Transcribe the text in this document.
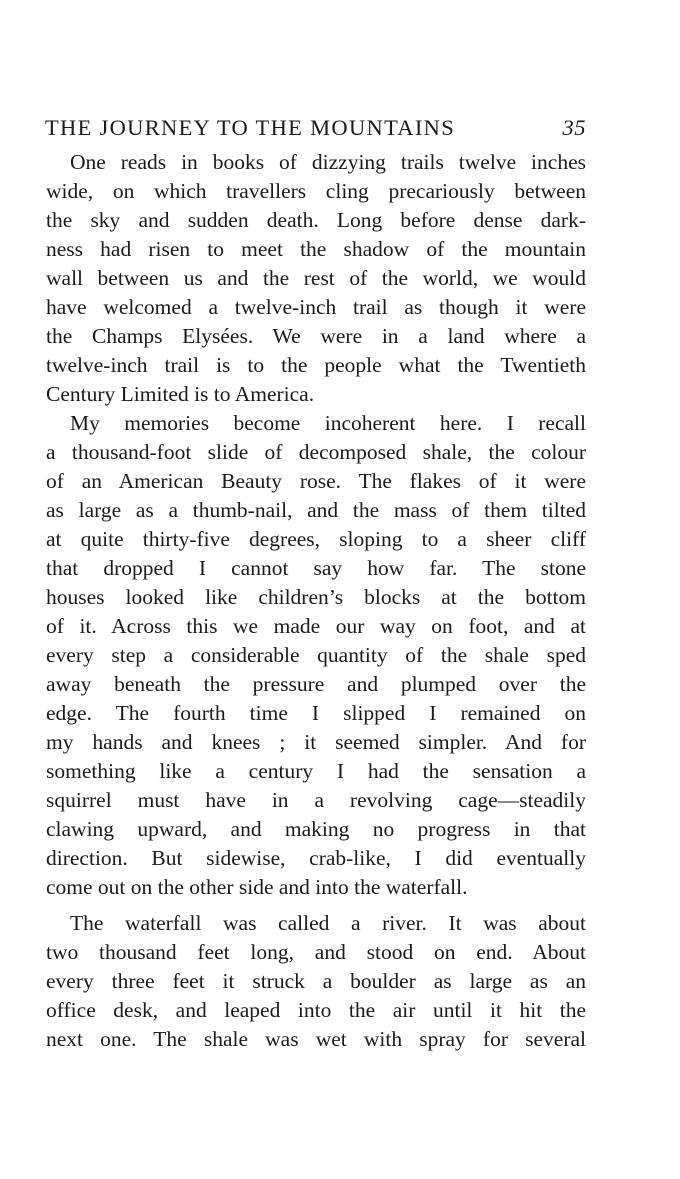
THE JOURNEY TO THE MOUNTAINS	35
One reads in books of dizzying trails twelve inches
wide, on which travellers cling precariously between
the sky and sudden death. Long before dense dark-
ness had risen to meet the shadow of the mountain
wall between us and the rest of the world, we would
have welcomed a twelve-inch trail as though it were
the Champs Elysées. We were in a land where a
twelve-inch trail is to the people what the Twentieth
Century Limited is to America.
My memories become incoherent here. I recall
a thousand-foot slide of decomposed shale, the colour
of an American Beauty rose. The flakes of it were
as large as a thumb-nail, and the mass of them tilted
at quite thirty-five degrees, sloping to a sheer cliff
that dropped I cannot say how far. The stone
houses looked like children’s blocks at the bottom
of it. Across this we made our way on foot, and at
every step a considerable quantity of the shale sped
away beneath the pressure and plumped over the
edge. The fourth time I slipped I remained on
my hands and knees ; it seemed simpler. And for
something like a century I had the sensation a
squirrel must have in a revolving cage—steadily
clawing upward, and making no progress in that
direction. But sidewise, crab-like, I did eventually
come out on the other side and into the waterfall.
The waterfall was called a river. It was about
two thousand feet long, and stood on end. About
every three feet it struck a boulder as large as an
office desk, and leaped into the air until it hit the
next one. The shale was wet with spray for several
